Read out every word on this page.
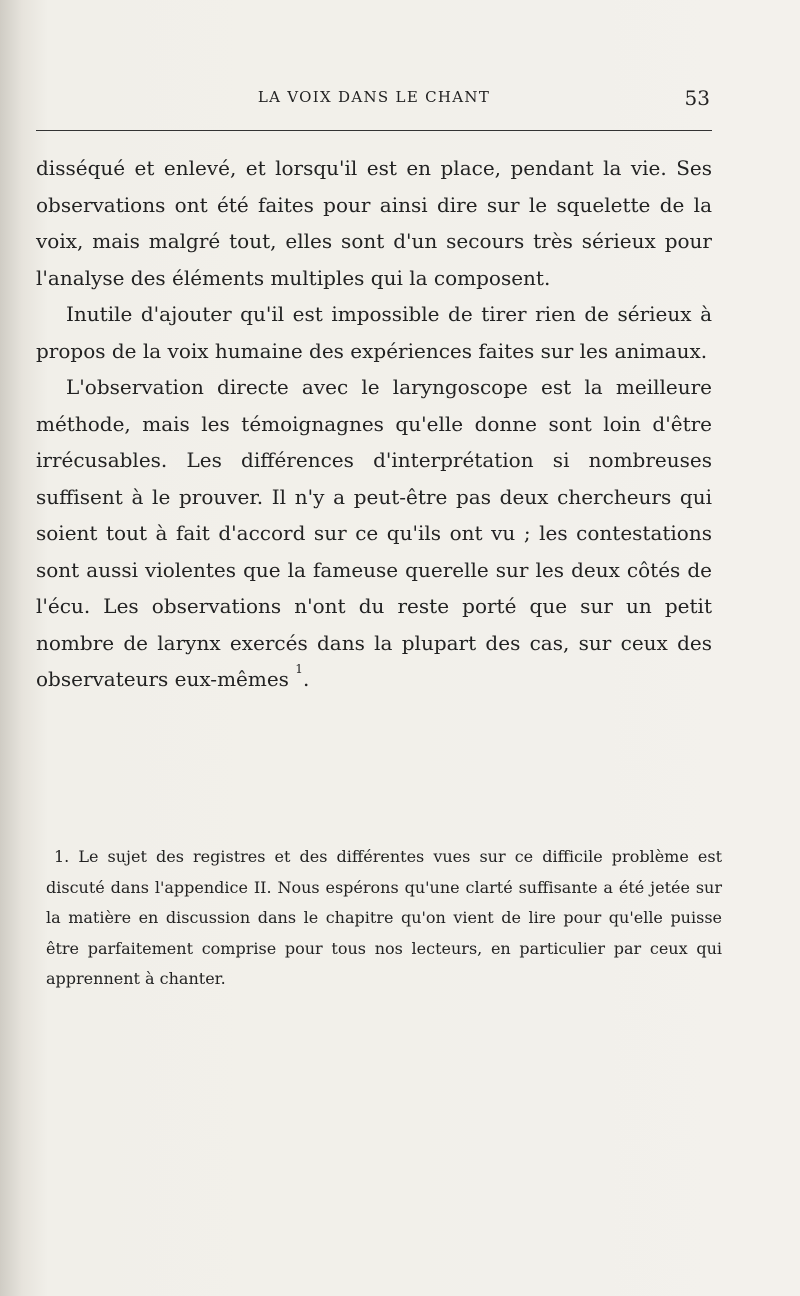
LA VOIX DANS LE CHANT	53

disséqué et enlevé, et lorsqu'il est en place, pendant la vie. Ses observations ont été faites pour ainsi dire sur le squelette de la voix, mais malgré tout, elles sont d'un secours très sérieux pour l'analyse des éléments multiples qui la composent.

Inutile d'ajouter qu'il est impossible de tirer rien de sérieux à propos de la voix humaine des expériences faites sur les animaux.

L'observation directe avec le laryngoscope est la meilleure méthode, mais les témoignagnes qu'elle donne sont loin d'être irrécusables. Les différences d'interprétation si nombreuses suffisent à le prouver. Il n'y a peut-être pas deux chercheurs qui soient tout à fait d'accord sur ce qu'ils ont vu ; les contestations sont aussi violentes que la fameuse querelle sur les deux côtés de l'écu. Les observations n'ont du reste porté que sur un petit nombre de larynx exercés dans la plupart des cas, sur ceux des observateurs eux-mêmes $^1$.

1. Le sujet des registres et des différentes vues sur ce difficile problème est discuté dans l'appendice II. Nous espérons qu'une clarté suffisante a été jetée sur la matière en discussion dans le chapitre qu'on vient de lire pour qu'elle puisse être parfaitement comprise pour tous nos lecteurs, en particulier par ceux qui apprennent à chanter.
